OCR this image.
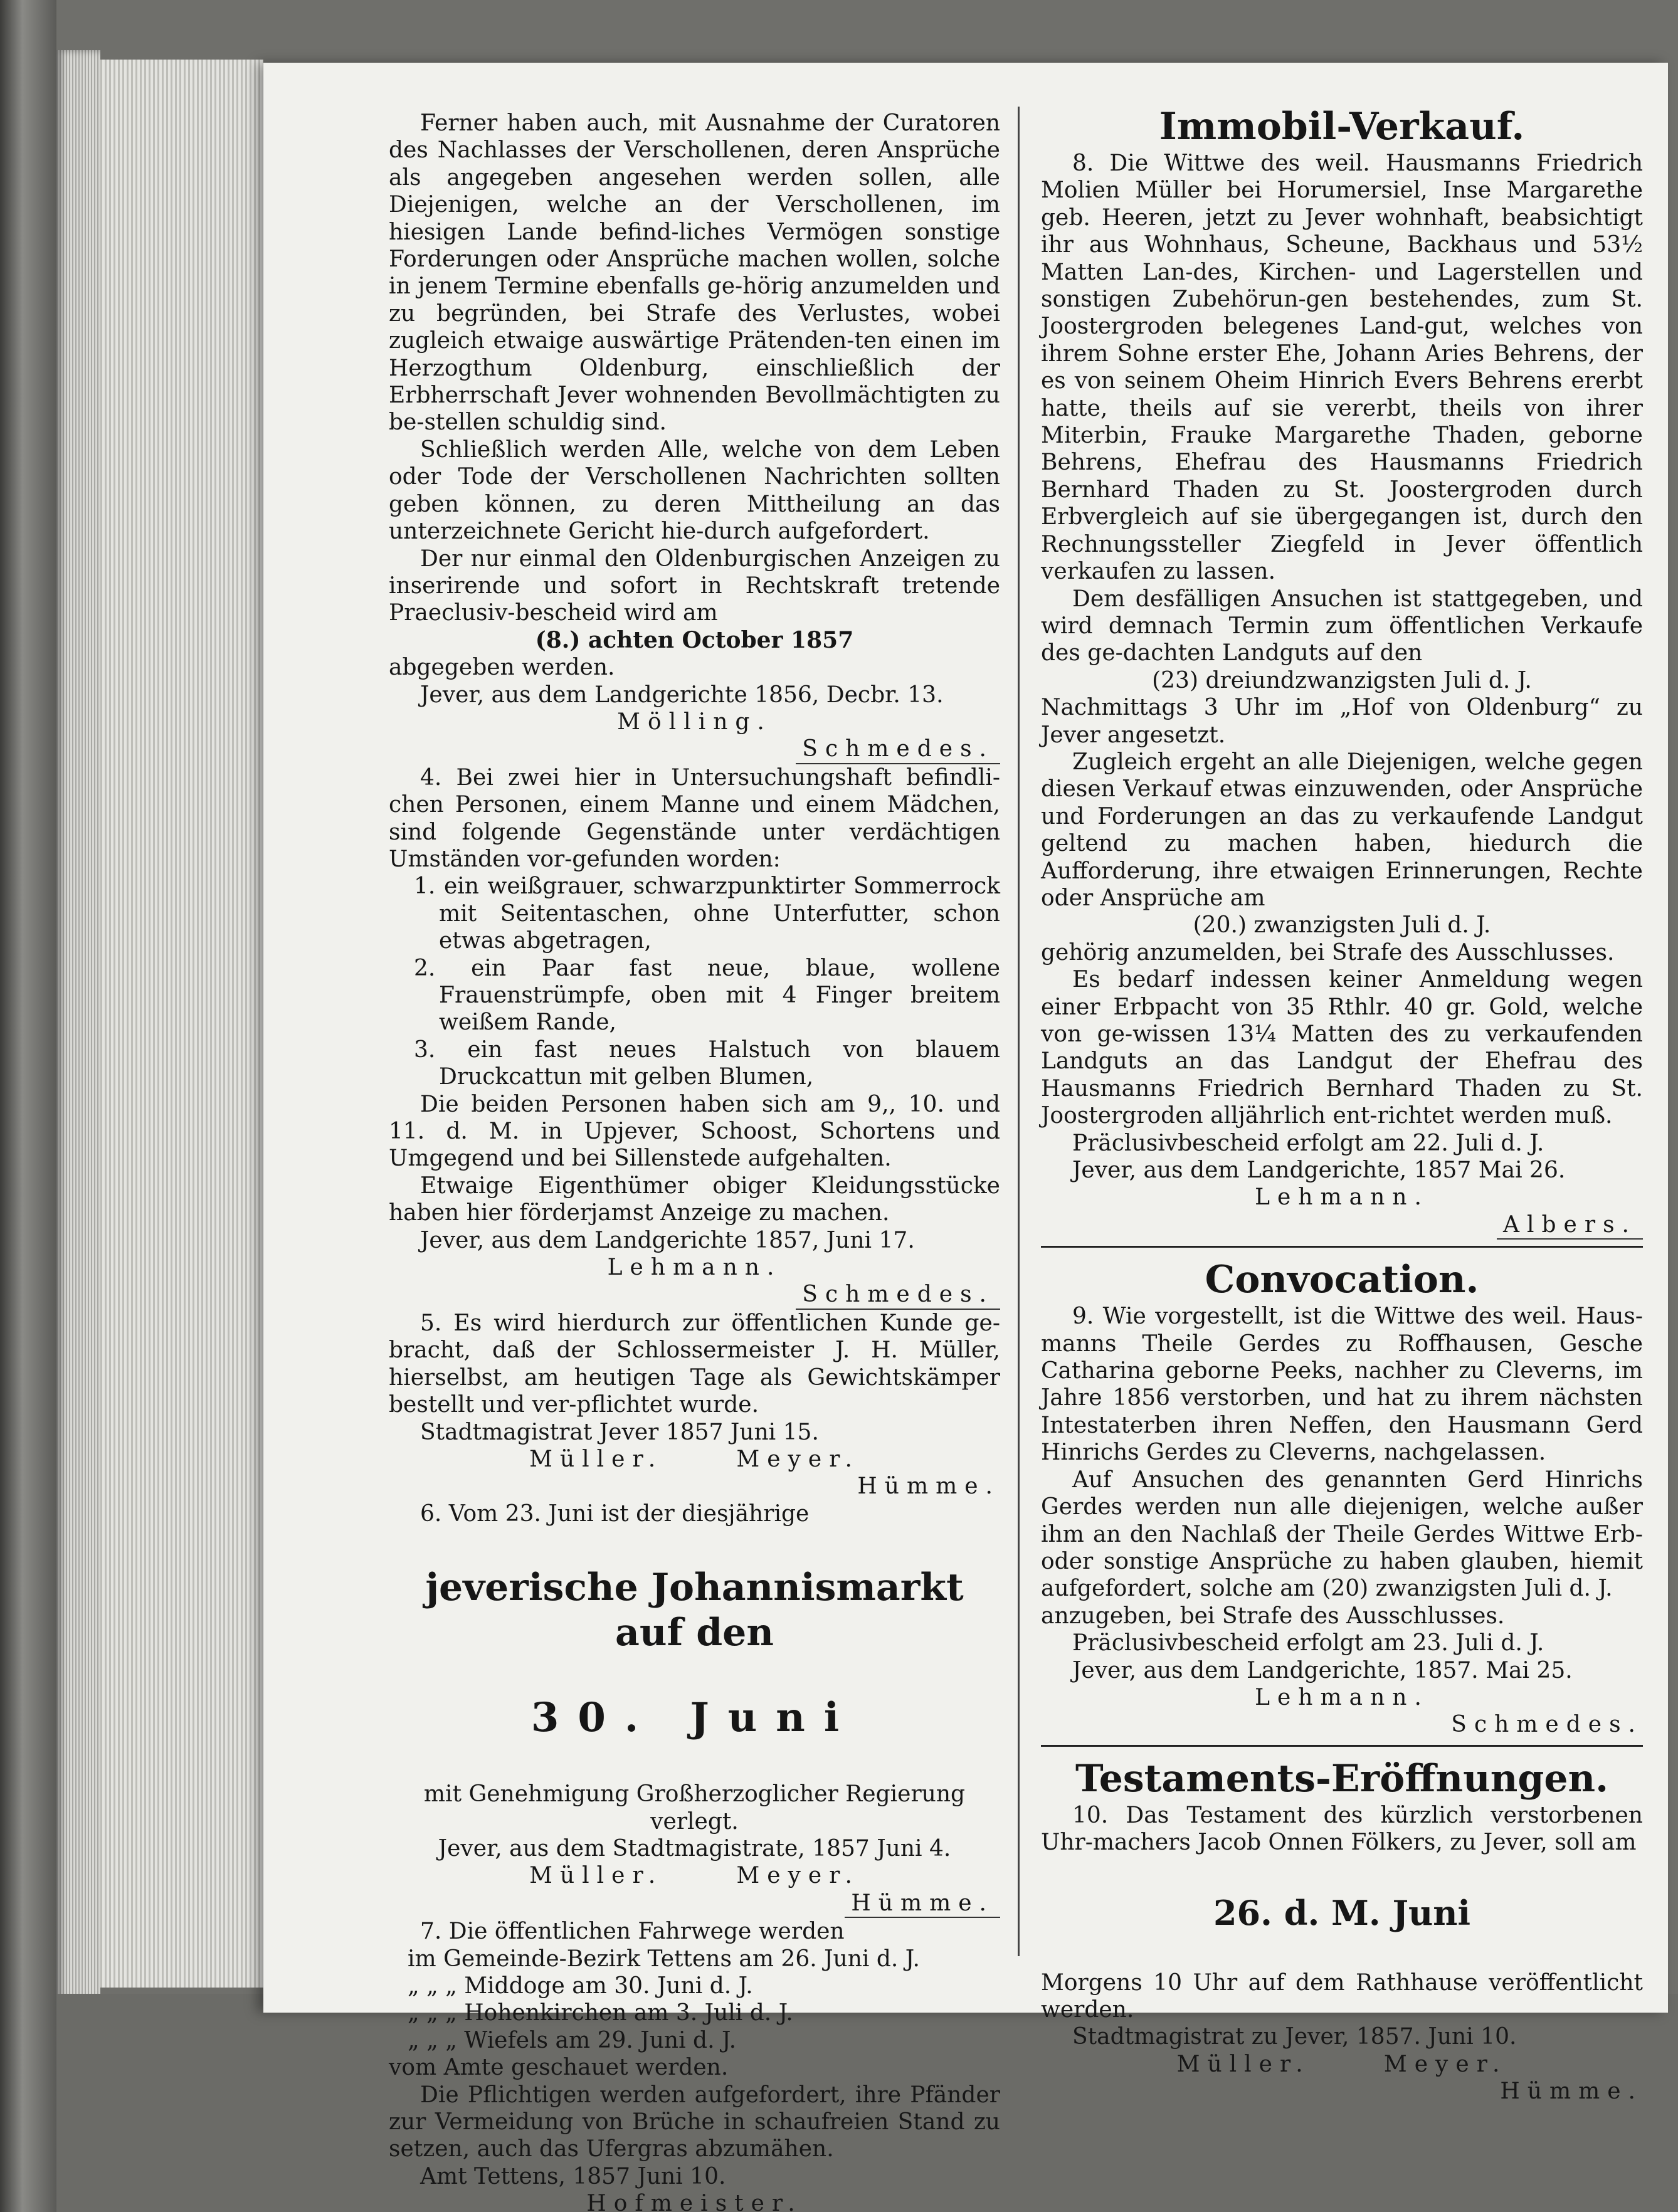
Ferner haben auch, mit Ausnahme der Curatoren des Nachlasses der Verschollenen, deren Ansprüche als angegeben angesehen werden sollen, alle Diejenigen, welche an der Verschollenen, im hiesigen Lande befind-liches Vermögen sonstige Forderungen oder Ansprüche machen wollen, solche in jenem Termine ebenfalls ge-hörig anzumelden und zu begründen, bei Strafe des Verlustes, wobei zugleich etwaige auswärtige Prätenden-ten einen im Herzogthum Oldenburg, einschließlich der Erbherrschaft Jever wohnenden Bevollmächtigten zu be-stellen schuldig sind.

Schließlich werden Alle, welche von dem Leben oder Tode der Verschollenen Nachrichten sollten geben können, zu deren Mittheilung an das unterzeichnete Gericht hie-durch aufgefordert.

Der nur einmal den Oldenburgischen Anzeigen zu inserirende und sofort in Rechtskraft tretende Praeclusiv-bescheid wird am

(8.) achten October 1857

abgegeben werden.

Jever, aus dem Landgerichte 1856, Decbr. 13.

Mölling.

Schmedes.

4. Bei zwei hier in Untersuchungshaft befindli-chen Personen, einem Manne und einem Mädchen, sind folgende Gegenstände unter verdächtigen Umständen vor-gefunden worden:

1. ein weißgrauer, schwarzpunktirter Sommerrock mit Seitentaschen, ohne Unterfutter, schon etwas abgetragen,

2. ein Paar fast neue, blaue, wollene Frauenstrümpfe, oben mit 4 Finger breitem weißem Rande,

3. ein fast neues Halstuch von blauem Druckcattun mit gelben Blumen,

Die beiden Personen haben sich am 9,, 10. und 11. d. M. in Upjever, Schoost, Schortens und Umgegend und bei Sillenstede aufgehalten.

Etwaige Eigenthümer obiger Kleidungsstücke haben hier förderjamst Anzeige zu machen.

Jever, aus dem Landgerichte 1857, Juni 17.

Lehmann.

Schmedes.

5. Es wird hierdurch zur öffentlichen Kunde ge-bracht, daß der Schlossermeister J. H. Müller, hierselbst, am heutigen Tage als Gewichtskämper bestellt und ver-pflichtet wurde.

Stadtmagistrat Jever 1857 Juni 15.

Müller.	Meyer.

Hümme.

6. Vom 23. Juni ist der diesjährige

jeverische Johannismarkt auf den

30. Juni

mit Genehmigung Großherzoglicher Regierung verlegt.

Jever, aus dem Stadtmagistrate, 1857 Juni 4.

Müller.	Meyer.

Hümme.

7. Die öffentlichen Fahrwege werden

im Gemeinde-Bezirk Tettens am 26. Juni d. J.

„ „ „ Middoge am 30. Juni d. J.

„ „ „ Hohenkirchen am 3. Juli d. J.

„ „ „ Wiefels am 29. Juni d. J.

vom Amte geschauet werden.

Die Pflichtigen werden aufgefordert, ihre Pfänder zur Vermeidung von Brüche in schaufreien Stand zu setzen, auch das Ufergras abzumähen.

Amt Tettens, 1857 Juni 10.

Hofmeister.

Immobil-Verkauf.

8. Die Wittwe des weil. Hausmanns Friedrich Molien Müller bei Horumersiel, Inse Margarethe geb. Heeren, jetzt zu Jever wohnhaft, beabsichtigt ihr aus Wohnhaus, Scheune, Backhaus und 53½ Matten Lan-des, Kirchen- und Lagerstellen und sonstigen Zubehörun-gen bestehendes, zum St. Joostergroden belegenes Land-gut, welches von ihrem Sohne erster Ehe, Johann Aries Behrens, der es von seinem Oheim Hinrich Evers Behrens ererbt hatte, theils auf sie vererbt, theils von ihrer Miterbin, Frauke Margarethe Thaden, geborne Behrens, Ehefrau des Hausmanns Friedrich Bernhard Thaden zu St. Joostergroden durch Erbvergleich auf sie übergegangen ist, durch den Rechnungssteller Ziegfeld in Jever öffentlich verkaufen zu lassen.

Dem desfälligen Ansuchen ist stattgegeben, und wird demnach Termin zum öffentlichen Verkaufe des ge-dachten Landguts auf den

(23) dreiundzwanzigsten Juli d. J.

Nachmittags 3 Uhr im „Hof von Oldenburg“ zu Jever angesetzt.

Zugleich ergeht an alle Diejenigen, welche gegen diesen Verkauf etwas einzuwenden, oder Ansprüche und Forderungen an das zu verkaufende Landgut geltend zu machen haben, hiedurch die Aufforderung, ihre etwaigen Erinnerungen, Rechte oder Ansprüche am

(20.) zwanzigsten Juli d. J.

gehörig anzumelden, bei Strafe des Ausschlusses.

Es bedarf indessen keiner Anmeldung wegen einer Erbpacht von 35 Rthlr. 40 gr. Gold, welche von ge-wissen 13¼ Matten des zu verkaufenden Landguts an das Landgut der Ehefrau des Hausmanns Friedrich Bernhard Thaden zu St. Joostergroden alljährlich ent-richtet werden muß.

Präclusivbescheid erfolgt am 22. Juli d. J.

Jever, aus dem Landgerichte, 1857 Mai 26.

Lehmann.

Albers.

Convocation.

9. Wie vorgestellt, ist die Wittwe des weil. Haus-manns Theile Gerdes zu Roffhausen, Gesche Catharina geborne Peeks, nachher zu Cleverns, im Jahre 1856 verstorben, und hat zu ihrem nächsten Intestaterben ihren Neffen, den Hausmann Gerd Hinrichs Gerdes zu Cleverns, nachgelassen.

Auf Ansuchen des genannten Gerd Hinrichs Gerdes werden nun alle diejenigen, welche außer ihm an den Nachlaß der Theile Gerdes Wittwe Erb- oder sonstige Ansprüche zu haben glauben, hiemit aufgefordert, solche am (20) zwanzigsten Juli d. J.

anzugeben, bei Strafe des Ausschlusses.

Präclusivbescheid erfolgt am 23. Juli d. J.

Jever, aus dem Landgerichte, 1857. Mai 25.

Lehmann.

Schmedes.

Testaments-Eröffnungen.

10. Das Testament des kürzlich verstorbenen Uhr-machers Jacob Onnen Fölkers, zu Jever, soll am

26. d. M. Juni

Morgens 10 Uhr auf dem Rathhause veröffentlicht werden.

Stadtmagistrat zu Jever, 1857. Juni 10.

Müller.	Meyer.

Hümme.
